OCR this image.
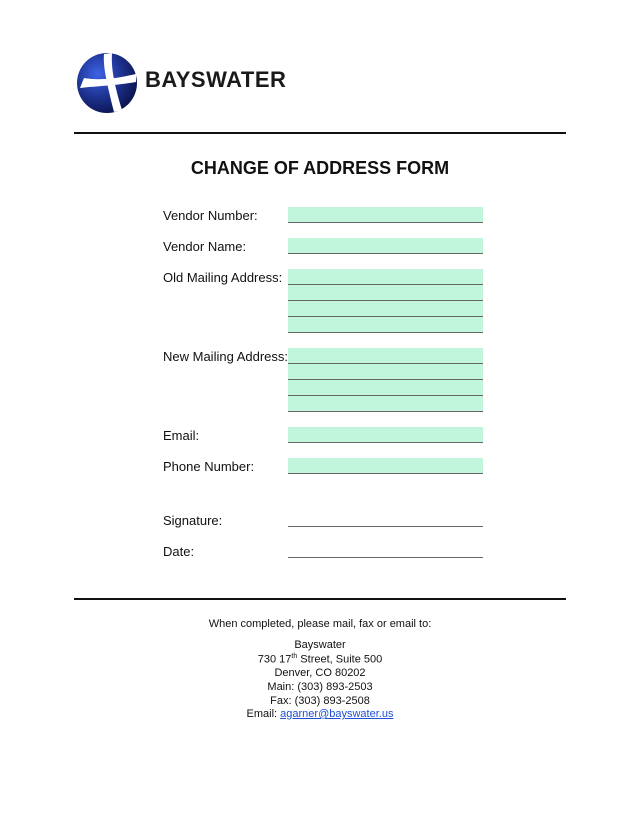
BAYSWATER
CHANGE OF ADDRESS FORM
Vendor Number:
Vendor Name:
Old Mailing Address:
New Mailing Address:
Email:
Phone Number:
Signature:
Date:
When completed, please mail, fax or email to:
Bayswater
730 17th Street, Suite 500
Denver, CO 80202
Main: (303) 893-2503
Fax: (303) 893-2508
Email: agarner@bayswater.us
